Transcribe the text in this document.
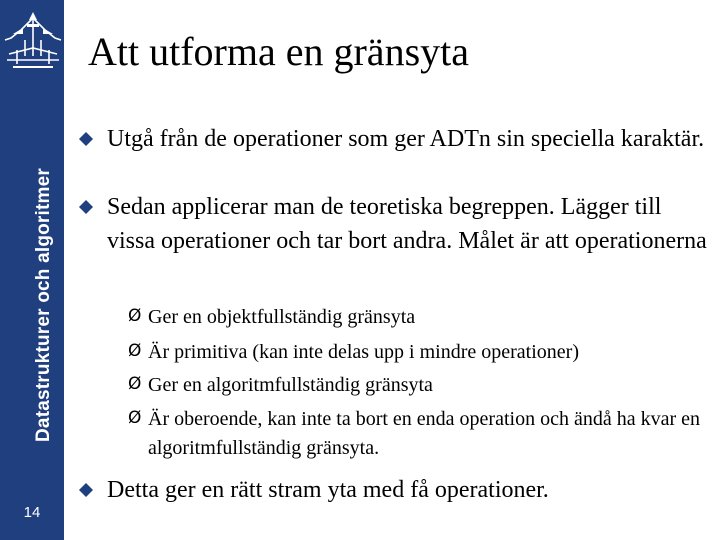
Datastrukturer och algoritmer
14
Att utforma en gränsyta
Utgå från de operationer som ger ADTn sin speciella karaktär.
Sedan applicerar man de teoretiska begreppen. Lägger till vissa operationer och tar bort andra. Målet är att operationerna
Ø Ger en objektfullständig gränsyta
Ø Är primitiva (kan inte delas upp i mindre operationer)
Ø Ger en algoritmfullständig gränsyta
Ø Är oberoende, kan inte ta bort en enda operation och ändå ha kvar en algoritmfullständig gränsyta.
Detta ger en rätt stram yta med få operationer.
